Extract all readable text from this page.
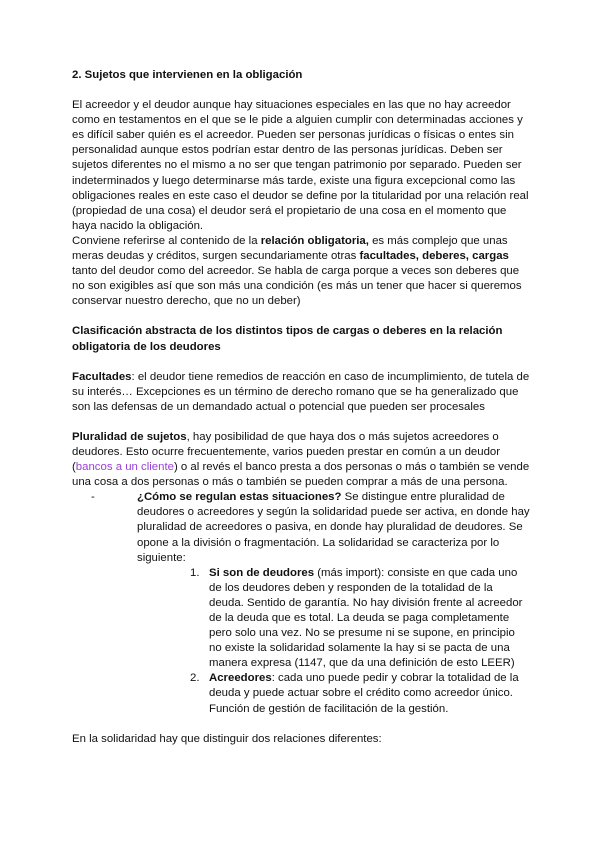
2. Sujetos que intervienen en la obligación

El acreedor y el deudor aunque hay situaciones especiales en las que no hay acreedor como en testamentos en el que se le pide a alguien cumplir con determinadas acciones y es difícil saber quién es el acreedor. Pueden ser personas jurídicas o físicas o entes sin personalidad aunque estos podrían estar dentro de las personas jurídicas. Deben ser sujetos diferentes no el mismo a no ser que tengan patrimonio por separado. Pueden ser indeterminados y luego determinarse más tarde, existe una figura excepcional como las obligaciones reales en este caso el deudor se define por la titularidad por una relación real (propiedad de una cosa) el deudor será el propietario de una cosa en el momento que haya nacido la obligación.

Conviene referirse al contenido de la relación obligatoria, es más complejo que unas meras deudas y créditos, surgen secundariamente otras facultades, deberes, cargas tanto del deudor como del acreedor. Se habla de carga porque a veces son deberes que no son exigibles así que son más una condición (es más un tener que hacer si queremos conservar nuestro derecho, que no un deber)

Clasificación abstracta de los distintos tipos de cargas o deberes en la relación obligatoria de los deudores

Facultades: el deudor tiene remedios de reacción en caso de incumplimiento, de tutela de su interés… Excepciones es un término de derecho romano que se ha generalizado que son las defensas de un demandado actual o potencial que pueden ser procesales

Pluralidad de sujetos, hay posibilidad de que haya dos o más sujetos acreedores o deudores. Esto ocurre frecuentemente, varios pueden prestar en común a un deudor (bancos a un cliente) o al revés el banco presta a dos personas o más o también se vende una cosa a dos personas o más o también se pueden comprar a más de una persona.

-	¿Cómo se regulan estas situaciones? Se distingue entre pluralidad de deudores o acreedores y según la solidaridad puede ser activa, en donde hay pluralidad de acreedores o pasiva, en donde hay pluralidad de deudores. Se opone a la división o fragmentación. La solidaridad se caracteriza por lo siguiente:
1. Si son de deudores (más import): consiste en que cada uno de los deudores deben y responden de la totalidad de la deuda. Sentido de garantía. No hay división frente al acreedor de la deuda que es total. La deuda se paga completamente pero solo una vez. No se presume ni se supone, en principio no existe la solidaridad solamente la hay si se pacta de una manera expresa (1147, que da una definición de esto LEER)
2. Acreedores: cada uno puede pedir y cobrar la totalidad de la deuda y puede actuar sobre el crédito como acreedor único. Función de gestión de facilitación de la gestión.

En la solidaridad hay que distinguir dos relaciones diferentes:
